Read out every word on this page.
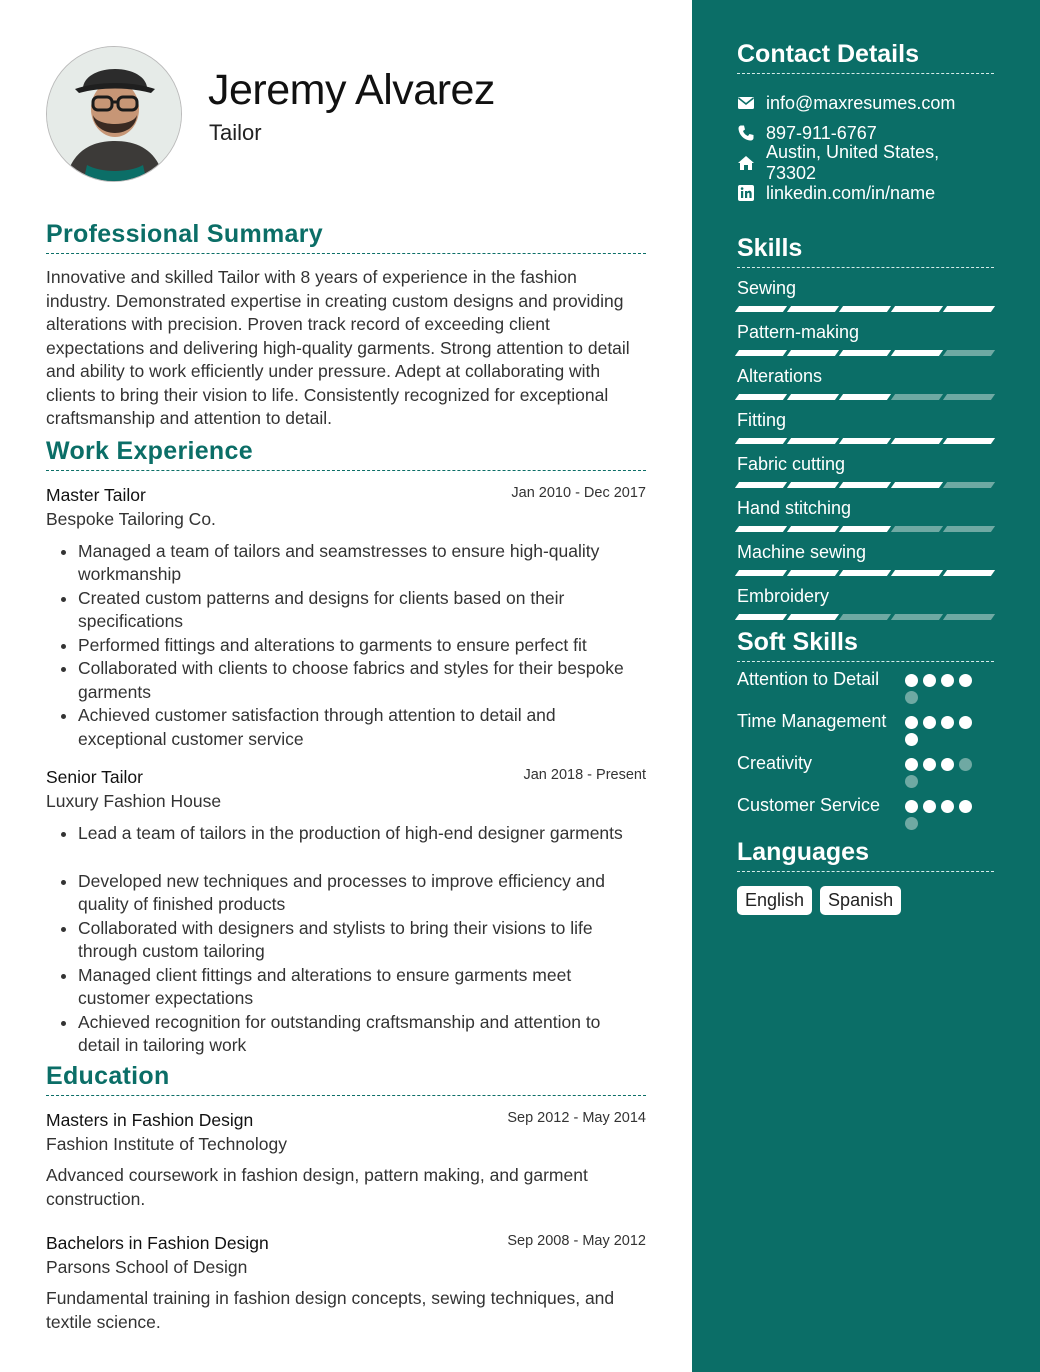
Jeremy Alvarez
Tailor
Professional Summary
Innovative and skilled Tailor with 8 years of experience in the fashion industry. Demonstrated expertise in creating custom designs and providing alterations with precision. Proven track record of exceeding client expectations and delivering high-quality garments. Strong attention to detail and ability to work efficiently under pressure. Adept at collaborating with clients to bring their vision to life. Consistently recognized for exceptional craftsmanship and attention to detail.
Work Experience
Master Tailor	Jan 2010 - Dec 2017
Bespoke Tailoring Co.
• Managed a team of tailors and seamstresses to ensure high-quality workmanship
• Created custom patterns and designs for clients based on their specifications
• Performed fittings and alterations to garments to ensure perfect fit
• Collaborated with clients to choose fabrics and styles for their bespoke garments
• Achieved customer satisfaction through attention to detail and exceptional customer service
Senior Tailor	Jan 2018 - Present
Luxury Fashion House
• Lead a team of tailors in the production of high-end designer garments
• Developed new techniques and processes to improve efficiency and quality of finished products
• Collaborated with designers and stylists to bring their visions to life through custom tailoring
• Managed client fittings and alterations to ensure garments meet customer expectations
• Achieved recognition for outstanding craftsmanship and attention to detail in tailoring work
Education
Masters in Fashion Design	Sep 2012 - May 2014
Fashion Institute of Technology
Advanced coursework in fashion design, pattern making, and garment construction.
Bachelors in Fashion Design	Sep 2008 - May 2012
Parsons School of Design
Fundamental training in fashion design concepts, sewing techniques, and textile science.
Contact Details
info@maxresumes.com
897-911-6767
Austin, United States, 73302
linkedin.com/in/name
Skills
Sewing
Pattern-making
Alterations
Fitting
Fabric cutting
Hand stitching
Machine sewing
Embroidery
Soft Skills
Attention to Detail
Time Management
Creativity
Customer Service
Languages
English	Spanish
